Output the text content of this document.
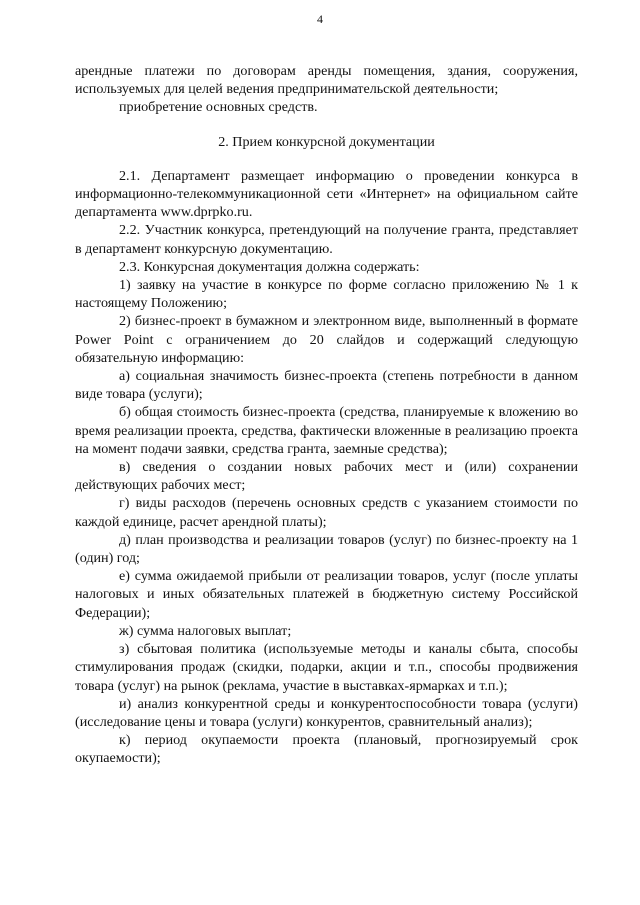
4

арендные платежи по договорам аренды помещения, здания, сооружения, используемых для целей ведения предпринимательской деятельности;

приобретение основных средств.

2. Прием конкурсной документации

2.1. Департамент размещает информацию о проведении конкурса в информационно-телекоммуникационной сети «Интернет» на официальном сайте департамента www.dprpko.ru.

2.2. Участник конкурса, претендующий на получение гранта, представляет в департамент конкурсную документацию.

2.3. Конкурсная документация должна содержать:

1) заявку на участие в конкурсе по форме согласно приложению № 1 к настоящему Положению;

2) бизнес-проект в бумажном и электронном виде, выполненный в формате Power Point с ограничением до 20 слайдов и содержащий следующую обязательную информацию:

а) социальная значимость бизнес-проекта (степень потребности в данном виде товара (услуги);

б) общая стоимость бизнес-проекта (средства, планируемые к вложению во время реализации проекта, средства, фактически вложенные в реализацию проекта на момент подачи заявки, средства гранта, заемные средства);

в) сведения о создании новых рабочих мест и (или) сохранении действующих рабочих мест;

г) виды расходов (перечень основных средств с указанием стоимости по каждой единице, расчет арендной платы);

д) план производства и реализации товаров (услуг) по бизнес-проекту на 1 (один) год;

е) сумма ожидаемой прибыли от реализации товаров, услуг (после уплаты налоговых и иных обязательных платежей в бюджетную систему Российской Федерации);

ж) сумма налоговых выплат;

з) сбытовая политика (используемые методы и каналы сбыта, способы стимулирования продаж (скидки, подарки, акции и т.п., способы продвижения товара (услуг) на рынок (реклама, участие в выставках-ярмарках и т.п.);

и) анализ конкурентной среды и конкурентоспособности товара (услуги) (исследование цены и товара (услуги) конкурентов, сравнительный анализ);

к) период окупаемости проекта (плановый, прогнозируемый срок окупаемости);
